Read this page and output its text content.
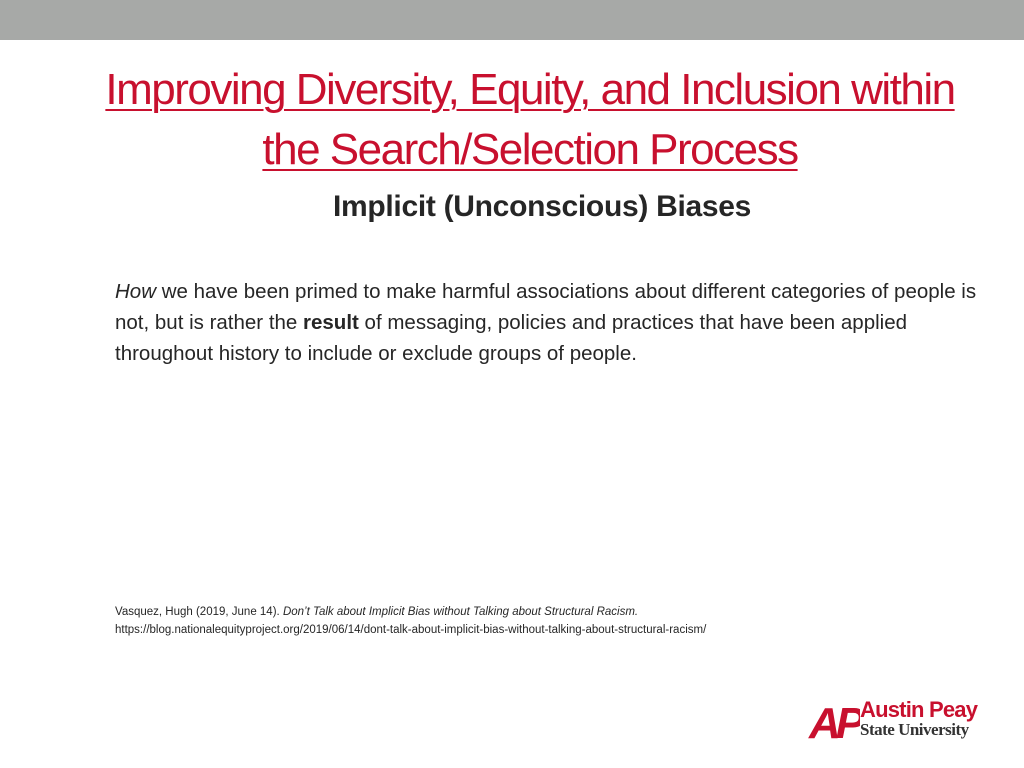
Improving Diversity, Equity, and Inclusion within
the Search/Selection Process
Implicit (Unconscious) Biases
How we have been primed to make harmful associations about different categories of people is not, but is rather the result of messaging, policies and practices that have been applied throughout history to include or exclude groups of people.
Vasquez, Hugh (2019, June 14). Don’t Talk about Implicit Bias without Talking about Structural Racism.
https://blog.nationalequityproject.org/2019/06/14/dont-talk-about-implicit-bias-without-talking-about-structural-racism/
AP Austin Peay
State University
